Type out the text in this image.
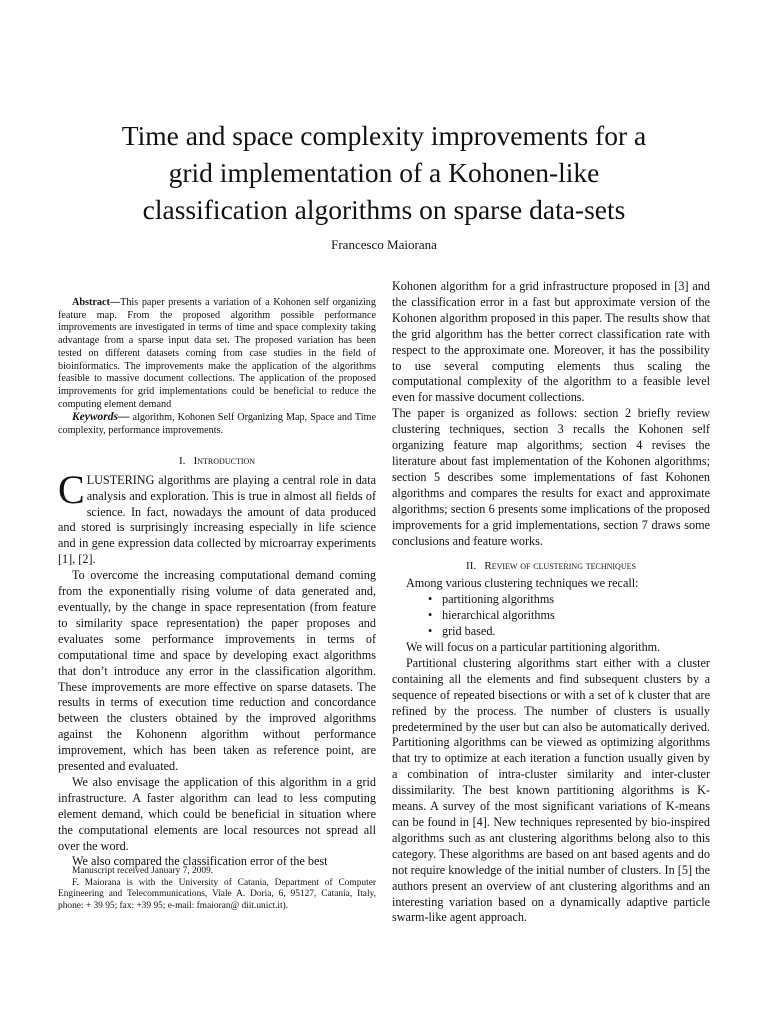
Time and space complexity improvements for a
grid implementation of a Kohonen-like
classification algorithms on sparse data-sets
Francesco Maiorana

Abstract—This paper presents a variation of a Kohonen self organizing feature map. From the proposed algorithm possible performance improvements are investigated in terms of time and space complexity taking advantage from a sparse input data set. The proposed variation has been tested on different datasets coming from case studies in the field of bioinformatics. The improvements make the application of the algorithms feasible to massive document collections. The application of the proposed improvements for grid implementations could be beneficial to reduce the computing element demand

Keywords— algorithm, Kohonen Self Organizing Map, Space and Time complexity, performance improvements.

I. Introduction

CLUSTERING algorithms are playing a central role in data analysis and exploration. This is true in almost all fields of science. In fact, nowadays the amount of data produced and stored is surprisingly increasing especially in life science and in gene expression data collected by microarray experiments [1], [2].

To overcome the increasing computational demand coming from the exponentially rising volume of data generated and, eventually, by the change in space representation (from feature to similarity space representation) the paper proposes and evaluates some performance improvements in terms of computational time and space by developing exact algorithms that don’t introduce any error in the classification algorithm. These improvements are more effective on sparse datasets. The results in terms of execution time reduction and concordance between the clusters obtained by the improved algorithms against the Kohonenn algorithm without performance improvement, which has been taken as reference point, are presented and evaluated.

We also envisage the application of this algorithm in a grid infrastructure. A faster algorithm can lead to less computing element demand, which could be beneficial in situation where the computational elements are local resources not spread all over the word.

We also compared the classification error of the best

Manuscript received January 7, 2009.

F. Maiorana is with the University of Catania, Department of Computer Engineering and Telecommunications, Viale A. Doria, 6, 95127, Catania, Italy, phone: + 39 95; fax: +39 95; e-mail: fmaioran@ diit.unict.it).

Kohonen algorithm for a grid infrastructure proposed in [3] and the classification error in a fast but approximate version of the Kohonen algorithm proposed in this paper. The results show that the grid algorithm has the better correct classification rate with respect to the approximate one. Moreover, it has the possibility to use several computing elements thus scaling the computational complexity of the algorithm to a feasible level even for massive document collections.

The paper is organized as follows: section 2 briefly review clustering techniques, section 3 recalls the Kohonen self organizing feature map algorithms; section 4 revises the literature about fast implementation of the Kohonen algorithms; section 5 describes some implementations of fast Kohonen algorithms and compares the results for exact and approximate algorithms; section 6 presents some implications of the proposed improvements for a grid implementations, section 7 draws some conclusions and feature works.

II. Review of clustering techniques

Among various clustering techniques we recall:

• partitioning algorithms
• hierarchical algorithms
• grid based.

We will focus on a particular partitioning algorithm.

Partitional clustering algorithms start either with a cluster containing all the elements and find subsequent clusters by a sequence of repeated bisections or with a set of k cluster that are refined by the process. The number of clusters is usually predetermined by the user but can also be automatically derived. Partitioning algorithms can be viewed as optimizing algorithms that try to optimize at each iteration a function usually given by a combination of intra-cluster similarity and inter-cluster dissimilarity. The best known partitioning algorithms is K-means. A survey of the most significant variations of K-means can be found in [4]. New techniques represented by bio-inspired algorithms such as ant clustering algorithms belong also to this category. These algorithms are based on ant based agents and do not require knowledge of the initial number of clusters. In [5] the authors present an overview of ant clustering algorithms and an interesting variation based on a dynamically adaptive particle swarm-like agent approach.
